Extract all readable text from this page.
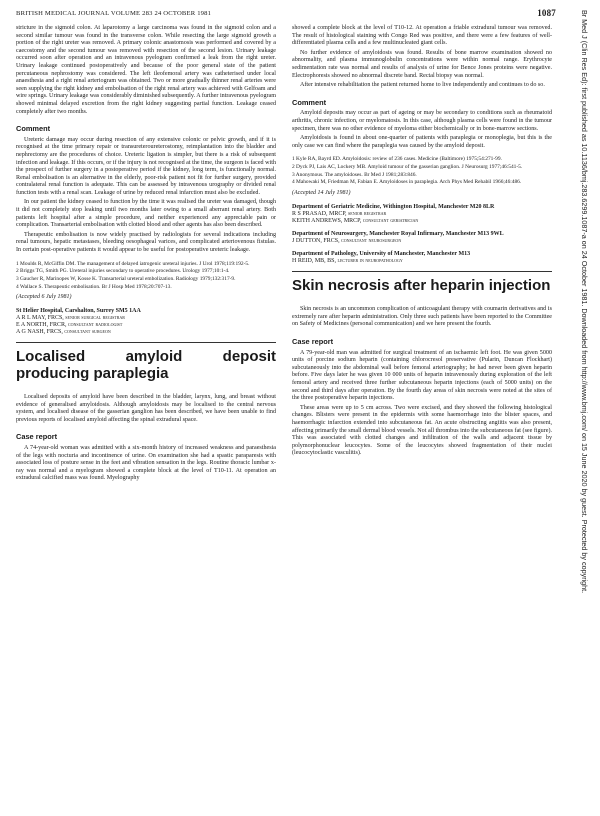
BRITISH MEDICAL JOURNAL VOLUME 283 24 OCTOBER 1981	1087

stricture in the sigmoid colon. At laparotomy a large carcinoma was found in the sigmoid colon and a second similar tumour was found in the transverse colon. While resecting the large sigmoid growth a portion of the right ureter was removed. A primary colonic anastomosis was performed and covered by a caecostomy and the second tumour was removed with resection of the second lesion. Urinary leakage occurred soon after operation and an intravenous pyelogram confirmed a leak from the right ureter. Urinary leakage continued postoperatively and because of the poor general state of the patient percutaneous nephrostomy was considered. The left ileofemoral artery was catheterised under local anaesthesia and a right renal arteriogram was obtained. Two or more gradually thinner renal arteries were seen supplying the right kidney and embolisation of the right renal artery was achieved with Gelfoam and wire springs. Urinary leakage was considerably diminished subsequently. A further intravenous pyelogram showed minimal delayed excretion from the right kidney suggesting partial function. Leakage ceased completely after two months.

Comment

Ureteric damage may occur during resection of any extensive colonic or pelvic growth, and if it is recognised at the time primary repair or transureteroureterostomy, reimplantation into the bladder and nephrectomy are the procedures of choice. Ureteric ligation is simpler, but there is a risk of subsequent infection and leakage. If this occurs, or if the injury is not recognised at the time, the surgeon is faced with the prospect of further surgery in a postoperative period if the kidney, long term, is functionally normal. Renal embolisation is an alternative in the elderly, poor-risk patient not fit for further surgery, provided contralateral renal function is adequate. This can be assessed by intravenous urography or divided renal function tests with a renal scan. Leakage of urine by reduced renal infarction must also be excluded.

In our patient the kidney ceased to function by the time it was realised the ureter was damaged, though it did not completely stop leaking until two months later owing to a small aberrant renal artery. Both patients left hospital after a simple procedure, and neither experienced any appreciable pain or complication. Transarterial embolisation with clotted blood and other agents has also been described.

Therapeutic embolisation is now widely practised by radiologists for several indications including renal tumours, hepatic metastases, bleeding oesophageal varices, and complicated arteriovenous fistulas. In certain post-operative patients it would appear to be useful for postoperative ureteric leakage.

1 Moulds R, McGiffin DM. The management of delayed iatrogenic ureteral injuries. J Urol 1978;119:192-5.
2 Briggs TG, Smith PG. Ureteral injuries secondary to operative procedures. Urology 1977;10:1-4.
3 Gaucher R, Marinopes W, Kosse K. Transarterial ureteral embolization. Radiology 1979;132:317-9.
4 Wallace S. Therapeutic embolisation. Br J Hosp Med 1978;20:707-13.
(Accepted 6 July 1981)
St Helier Hospital, Carshalton, Surrey SM5 1AA
A R L MAY, FRCS, senior surgical registrar
E A NORTH, FRCR, consultant radiologist
A G NASH, FRCS, consultant surgeon
Localised amyloid deposit producing paraplegia

Localised deposits of amyloid have been described in the bladder, larynx, lung, and breast without evidence of generalised amyloidosis. Although amyloidosis may be localised to the central nervous system, and localised disease of the gasserian ganglion has been described, we have been unable to find previous reports of localised amyloid affecting the spinal extradural space.

Case report

A 74-year-old woman was admitted with a six-month history of increased weakness and paraesthesia of the legs with nocturia and incontinence of urine. On examination she had a spastic paraparesis with associated loss of posture sense in the feet and vibration sensation in the legs. Routine thoracic lumbar x-ray was normal and a myelogram showed a complete block at the level of T10-11. At operation an extradural calcified mass was found. Myelography

showed a complete block at the level of T10-12. At operation a friable extradural tumour was removed. The result of histological staining with Congo Red was positive, and there were a few features of well-differentiated plasma cells and a few multinucleated giant cells.

No further evidence of amyloidosis was found. Results of bone marrow examination showed no abnormality, and plasma immunoglobulin concentrations were within normal range. Erythrocyte sedimentation rate was normal and results of analysis of urine for Bence Jones proteins were negative. Electrophoresis showed no abnormal discrete band. Rectal biopsy was normal.

After intensive rehabilitation the patient returned home to live independently and continues to do so.

Comment

Amyloid deposits may occur as part of ageing or may be secondary to conditions such as rheumatoid arthritis, chronic infection, or myelomatosis. In this case, although plasma cells were found in the tumour specimen, there was no other evidence of myeloma either biochemically or in bone-marrow sections.

Amyloidosis is found in about one-quarter of patients with paraplegia or monoplegia, but this is the only case we can find where the paraplegia was caused by the amyloid deposit.

1 Kyle RA, Bayrd ED. Amyloidosis: review of 236 cases. Medicine (Baltimore) 1975;54:271-99.
2 Dyck PJ, Lais AC, Lockery MB. Amyloid tumour of the gasserian ganglion. J Neurosurg 1977;46:541-5.
3 Anonymous. The amyloidoses. Br Med J 1981;283:846.
4 Mahowaki M, Friedman M, Fabian E. Amyloidoses in paraplegia. Arch Phys Med Rehabil 1966;46:486.
(Accepted 14 July 1981)
Department of Geriatric Medicine, Withington Hospital, Manchester M20 8LR
R S PRASAD, MRCP, senior registrar
KEITH ANDREWS, MRCP, consultant geriatrician
Department of Neurosurgery, Manchester Royal Infirmary, Manchester M13 9WL
J DUTTON, FRCS, consultant neurosurgeon
Department of Pathology, University of Manchester, Manchester M13
H REID, MB, BS, lecturer in neuropathology
Skin necrosis after heparin injection

Skin necrosis is an uncommon complication of anticoagulant therapy with coumarin derivatives and is extremely rare after heparin administration. Only three such patients have been reported to the Committee on Safety of Medicines (personal communication) and we here present the fourth.

Case report

A 79-year-old man was admitted for surgical treatment of an ischaemic left foot. He was given 5000 units of porcine sodium heparin (containing chlorocresol preservative (Pularin, Duncan Flockhart) subcutaneously into the abdominal wall before femoral arteriography; he had never been given heparin before. Five days later he was given 10 000 units of heparin intravenously during exploration of the left femoral artery and received three further subcutaneous heparin injections (each of 5000 units) on the second and third days after operation. By the fourth day areas of skin necrosis were noted at the sites of the three postoperative heparin injections.

These areas were up to 5 cm across. Two were excised, and they showed the following histological changes. Blisters were present in the epidermis with some haemorrhage into the blister spaces, and haemorrhagic infarction extended into subcutaneous fat. An acute obstructing angiitis was also present, affecting primarily the small dermal blood vessels. Not all thrombus into the subcutaneous fat (see figure). This was associated with clotted changes and infiltration of the walls and adjacent tissue by polymorphonuclear leucocytes. Some of the leucocytes showed fragmentation of their nuclei (leucocytoclastic vasculitis).	Br Med J (Clin Res Ed): first published as 10.1136/bmj.283.6299.1087-a on 24 October 1981. Downloaded from http://www.bmj.com/ on 15 June 2020 by guest. Protected by copyright.
